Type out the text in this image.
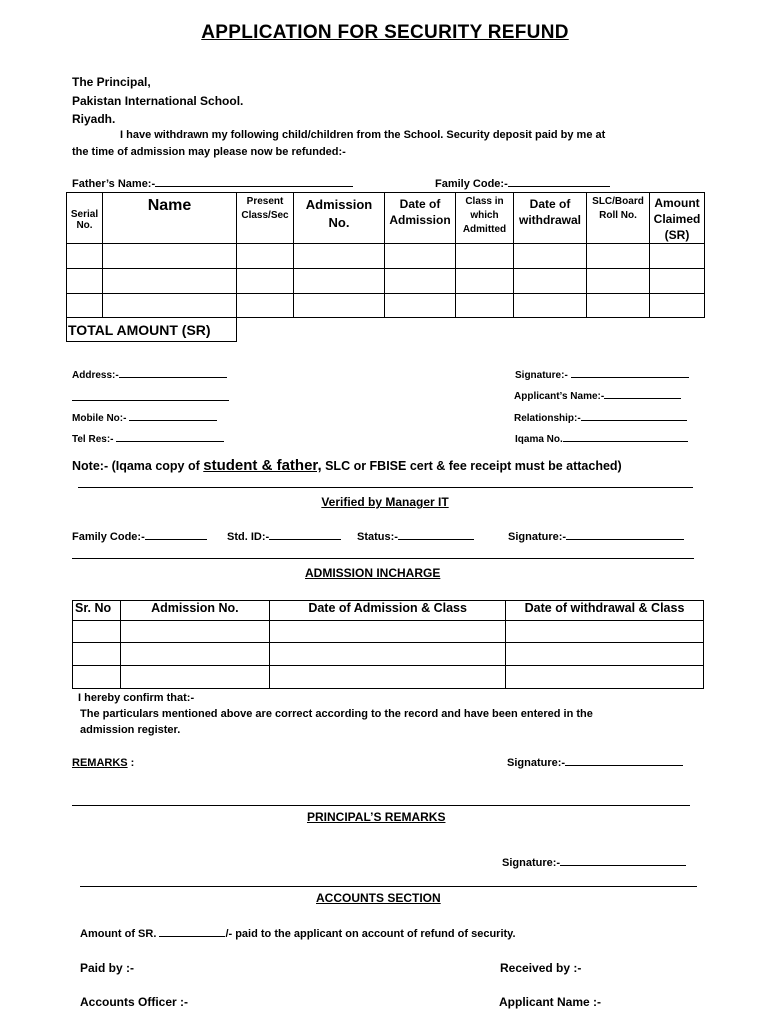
APPLICATION FOR SECURITY REFUND
The Principal,
Pakistan International School.
Riyadh.
I have withdrawn my following child/children from the School. Security deposit paid by me at
the time of admission may please now be refunded:-
Father’s Name:-	Family Code:-
Serial No.	Name	Present Class/Sec	Admission No.	Date of Admission	Class in which Admitted	Date of withdrawal	SLC/Board Roll No.	Amount Claimed (SR)

TOTAL AMOUNT (SR)								
Address:-	Signature:-
Applicant’s Name:-
Mobile No:-	Relationship:-
Tel Res:-	Iqama No.
Note:- (Iqama copy of student & father, SLC or FBISE cert & fee receipt must be attached)
Verified by Manager IT
Family Code:-	Std. ID:-	Status:-	Signature:-
ADMISSION INCHARGE
Sr. No	Admission No.	Date of Admission & Class	Date of withdrawal & Class

I hereby confirm that:-
The particulars mentioned above are correct according to the record and have been entered in the
admission register.
REMARKS :	Signature:-
PRINCIPAL’S REMARKS
Signature:-
ACCOUNTS SECTION
Amount of SR.	/- paid to the applicant on account of refund of security.
Paid by :-	Received by :-
Accounts Officer :-	Applicant Name :-
